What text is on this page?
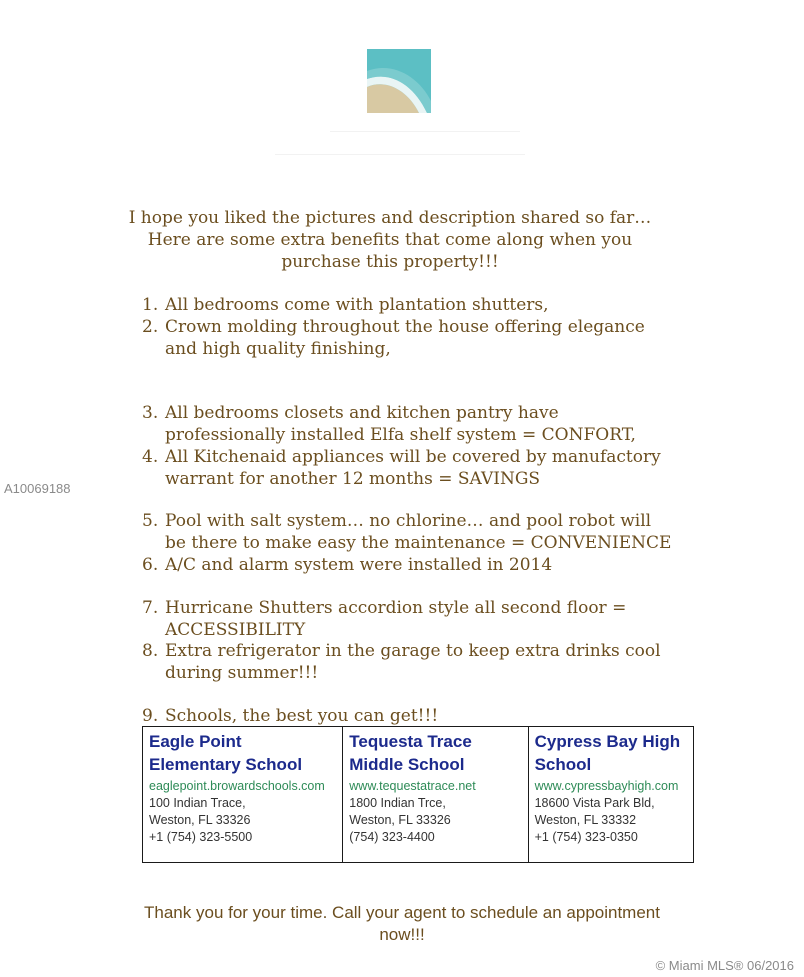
I hope you liked the pictures and description shared so far…
Here are some extra benefits that come along when you
purchase this property!!!

1. All bedrooms come with plantation shutters,
2. Crown molding throughout the house offering elegance
and high quality finishing,
3. All bedrooms closets and kitchen pantry have
professionally installed Elfa shelf system = CONFORT,
4. All Kitchenaid appliances will be covered by manufactory
warrant for another 12 months = SAVINGS
5. Pool with salt system… no chlorine… and pool robot will
be there to make easy the maintenance = CONVENIENCE
6. A/C and alarm system were installed in 2014
7. Hurricane Shutters accordion style all second floor =
ACCESSIBILITY
8. Extra refrigerator in the garage to keep extra drinks cool
during summer!!!
9. Schools, the best you can get!!!
A10069188
Eagle Point
Elementary School
eaglepoint.browardschools.com
100 Indian Trace,
Weston, FL 33326
+1 (754) 323-5500
Tequesta Trace
Middle School
www.tequestatrace.net
1800 Indian Trce,
Weston, FL 33326
(754) 323-4400
Cypress Bay High
School
www.cypressbayhigh.com
18600 Vista Park Bld,
Weston, FL 33332
+1 (754) 323-0350

Thank you for your time. Call your agent to schedule an appointment
now!!!

© Miami MLS® 06/2016
